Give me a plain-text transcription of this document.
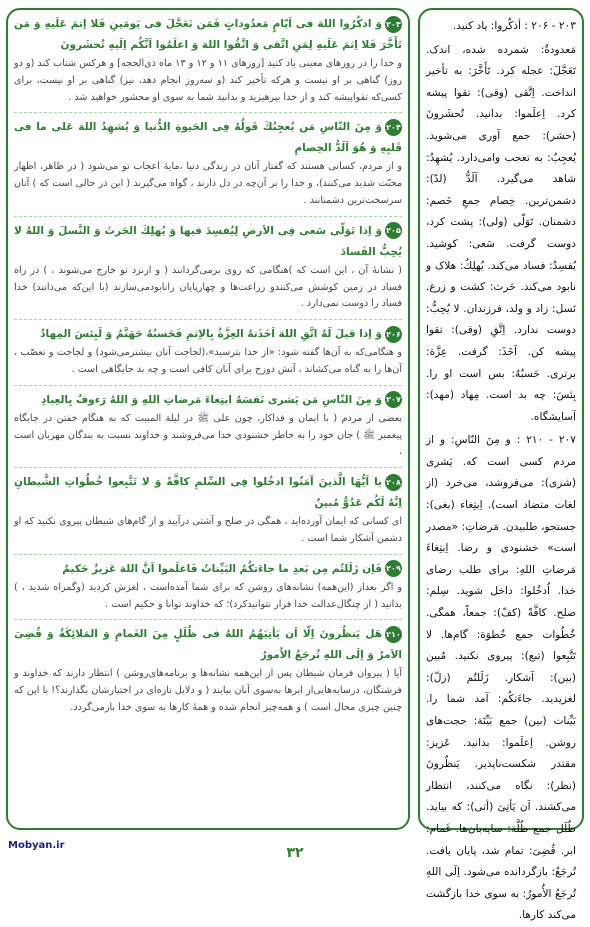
۲۰۳ - ۲۰۶ : أذكُروا: یاد کنید.
مَعدودةٌ: شمرده شده، اندک. تَعَجَّلَ: عجله کرد. تَأَخَّرَ: به تأخیر انداخت. اِتَّقى (وقى): تقوا پیشه کرد. اِعلَموا: بدانید. تُحشَرونَ (حشر): جمع آوری می‌شوید. یُعجِبُ: به تعجب وامی‌دارد. یُشهِدُ: شاهد می‌گیرد. اَلَدُّ (لدّ): دشمن‌ترین. خِصام جمعِ خَصم: دشمنان. تَوَلّى (ولى): پشت کرد، دوست گرفت. سَعى: کوشید. یُفسِدُ: فساد می‌کند. یُهلِكُ: هلاک و نابود می‌کند. حَرث: کشت و زرع. نَسل: زاد و ولد، فرزندان. لا یُحِبُّ: دوست ندارد. اِتَّقِ (وقى): تقوا پیشه کن. اَخَذَ: گرفت. عِزَّة: برتری. حَسبُهُ: بس است او را. بِئسَ: چه بد است. مِهاد (مهد): آسایشگاه.
۲۰۷ - ۲۱۰ : و مِنَ النّاسِ: و از مردم کسی است که. یَشرى (شرى): می‌فروشد، می‌خرد (از لغات متضاد است). اِبتِغاء (بغى): جستجو، طلبیدن. مَرضاتِ: «مصدر است» خشنودی و رضا. اِبتِغاءَ مَرضاتِ اللهِ: برای طلب رضای خدا. اُدخُلوا: داخل شوید. سِلم: صلح. کافَّةً (کفّ): جمعاً، همگی. خُطُوات جمع خُطوَة: گام‌ها. لا تَتَّبِعوا (تبع): پیروی نکنید. مُبین (بین): آشکار. زَلَلتُم (زلّ): لغزیدید. جاءَتکُم: آمد شما را. بَیِّنات (بین) جمع بَیِّنَة: حجت‌های روشن. اِعلَموا: بدانید. عَزیز: مقتدر شکست‌ناپذیر. یَنظُرونَ (نظر): نگاه می‌کنند، انتظار می‌کشند. اَن یَأتِیَ (أتى): که بیاید. ظُلَل جمع ظُلَّة: سایه‌بان‌ها. غَمام: ابر. قُضِیَ: تمام شد، پایان یافت. تُرجَعُ: بازگردانده می‌شود. اِلَى اللهِ تُرجَعُ الأُمورُ: به سوی خدا بازگشت می‌کند کارها.

۲۰۳وَ اذكُرُوا اللهَ فى اَيّامٍ مَعدُوداتٍ فَمَن تَعَجَّلَ فى يَومَينِ فَلا اِثمَ عَلَيهِ وَ مَن تَأَخَّرَ فَلا اِثمَ عَلَيهِ لِمَنِ اتَّقى وَ اتَّقُوا اللهَ وَ اعلَمُوا اَنَّكُم اِلَيهِ تُحشَرونَ

و خدا را در روزهای معینی یاد کنید [روزهای ۱۱ و ۱۲ و ۱۳ ماه ذی‌الحجه] و هرکس شتاب کند (و دو روز) گناهی بر او نیست و هرکه تأخیر کند (و سه‌روز انجام دهد، نیز) گناهی بر او نیست، برای کسی‌که تقواپیشه کند و از خدا بپرهیزید و بدانید شما به سوی او محشور خواهید شد .

۲۰۴وَ مِنَ النّاسِ مَن يُعجِبُكَ قَولُهُ فِى الحَيوةِ الدُّنيا وَ يُشهِدُ اللهَ عَلى ما فى قَلبِهِ وَ هُوَ اَلَدُّ الخِصامِ

و از مردم، کسانی هستند که گفتار آنان در زندگی دنیا ،مایهٔ اعجاب تو می‌شود ( در ظاهر، اظهار محبّت شدید می‌کنند)، و خدا را بر آن‌چه در دل دارند ، گواه می‌گیرند ( این در حالی است که ) آنان سرسخت‌ترین دشمنانند .

۲۰۵وَ اِذا تَوَلّى سَعى فِى الاَرضِ لِيُفسِدَ فيها وَ يُهلِكَ الحَرثَ وَ النَّسلَ وَ اللهُ لا يُحِبُّ الفَسادَ

( نشانهٔ آن ، این است که )هنگامی که روی برمی‌گردانند ( و ازنزد تو خارج می‌شوند ، ) در راه فساد در زمین کوشش می‌کنندو زراعت‌ها و چهارپایان رانابودمی‌سازند (با این‌که می‌دانند) خدا فساد را دوست نمی‌دارد .

۲۰۶وَ اِذا قيلَ لَهُ اتَّقِ اللهَ اَخَذَتهُ العِزَّةُ بِالاِثمِ فَحَسبُهُ جَهَنَّمُ وَ لَبِئسَ المِهادُ

و هنگامی‌که به آن‌ها گفته شود: «از خدا بترسید»،(لجاجت آنان بیشترمی‌شود) و لجاجت و تعصّب ، آن‌ها را به گناه می‌کشاند ، آتش دوزخ برای آنان کافی است و چه بد جایگاهی است .

۲۰۷وَ مِنَ النّاسِ مَن يَشرى نَفسَهُ ابتِغاءَ مَرضاتِ اللهِ وَ اللهُ رَءوفٌ بِالعِبادِ

بعضی از مردم ( با ایمان و فداکار، چون علی ﷺ در لیلة المبیت که به هنگام خفتن در جایگاه پیغمبر ﷺ ) جان خود را به خاطر خشنودی خدا می‌فروشند و خداوند نسبت به بندگان مهربان است .

۲۰۸يا اَيُّهَا الَّذينَ آمَنُوا ادخُلوا فِى السِّلمِ كافَّةً وَ لا تَتَّبِعوا خُطُواتِ الشَّيطانِ اِنَّهُ لَكُم عَدُوٌّ مُبينٌ

ای کسانی که ایمان آورده‌اید ، همگی در صلح و آشتی درآیید و از گام‌های شیطان پیروی نکنید که او دشمن آشکار شما است .

۲۰۹فَاِن زَلَلتُم مِن بَعدِ ما جاءَتكُمُ البَيِّناتُ فَاعلَموا اَنَّ اللهَ عَزيزٌ حَكيمٌ

و اگر بعداز (این‌همه) نشانه‌های روشن که برای شما آمده‌است ، لغزش کردید (وگمراه شدید ، ) بدانید ( از چنگال‌عدالت خدا فرار نتوانیدکرد)؛ که خداوند توانا و حکیم است .

۲۱۰هَل يَنظُرونَ اِلّا اَن يَأتِيَهُمُ اللهُ فى ظُلَلٍ مِنَ الغَمامِ وَ المَلائِكَةُ وَ قُضِىَ الاَمرُ وَ اِلَى اللهِ تُرجَعُ الاُمورُ

آیا ( پیروان فرمان شیطان پس از این‌همه نشانه‌ها و برنامه‌های‌روشن ) انتظار دارند که خداوند و فرشتگان، درسایه‌هایی‌از ابرها به‌سوی آنان بیایند ( و دلایل تازه‌ای در اختیارشان بگذارند؟! با این که چنین چیزی محال است ) و همه‌چیز انجام شده و همهٔ کارها به سوی خدا بازمی‌گردد.

Mobyan.ir	۳۲
